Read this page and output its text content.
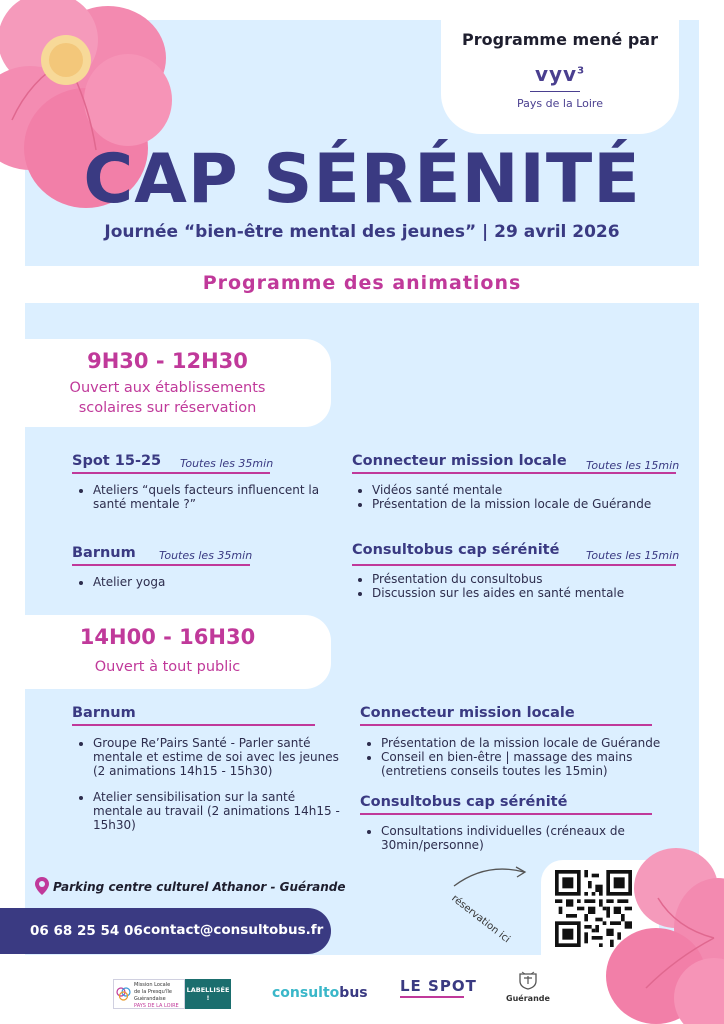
Programme mené par
vyv$^3$
Pays de la Loire
CAP SÉRÉNITÉ
Journée “bien-être mental des jeunes” | 29 avril 2026
Programme des animations
9H30 - 12H30
Ouvert aux établissements
scolaires sur réservation
Spot 15-25 Toutes les 35min
• Ateliers “quels facteurs influencent la santé mentale ?”
Connecteur mission locale Toutes les 15min
• Vidéos santé mentale
• Présentation de la mission locale de Guérande
Barnum Toutes les 35min
• Atelier yoga
Consultobus cap sérénité Toutes les 15min
• Présentation du consultobus
• Discussion sur les aides en santé mentale
14H00 - 16H30
Ouvert à tout public
Barnum
• Groupe Re’Pairs Santé - Parler santé mentale et estime de soi avec les jeunes (2 animations 14h15 - 15h30)
• Atelier sensibilisation sur la santé mentale au travail (2 animations 14h15 - 15h30)
Connecteur mission locale
• Présentation de la mission locale de Guérande
• Conseil en bien-être | massage des mains (entretiens conseils toutes les 15min)
Consultobus cap sérénité
• Consultations individuelles (créneaux de 30min/personne)
Parking centre culturel Athanor - Guérande
réservation ici
06 68 25 54 06 contact@consultobus.fr
Mission Locale
de la Presqu'île Guérandaise
PAYS DE LA LOIRE
LABELLISÉE !	consultobus LE SPOT
Guérande
